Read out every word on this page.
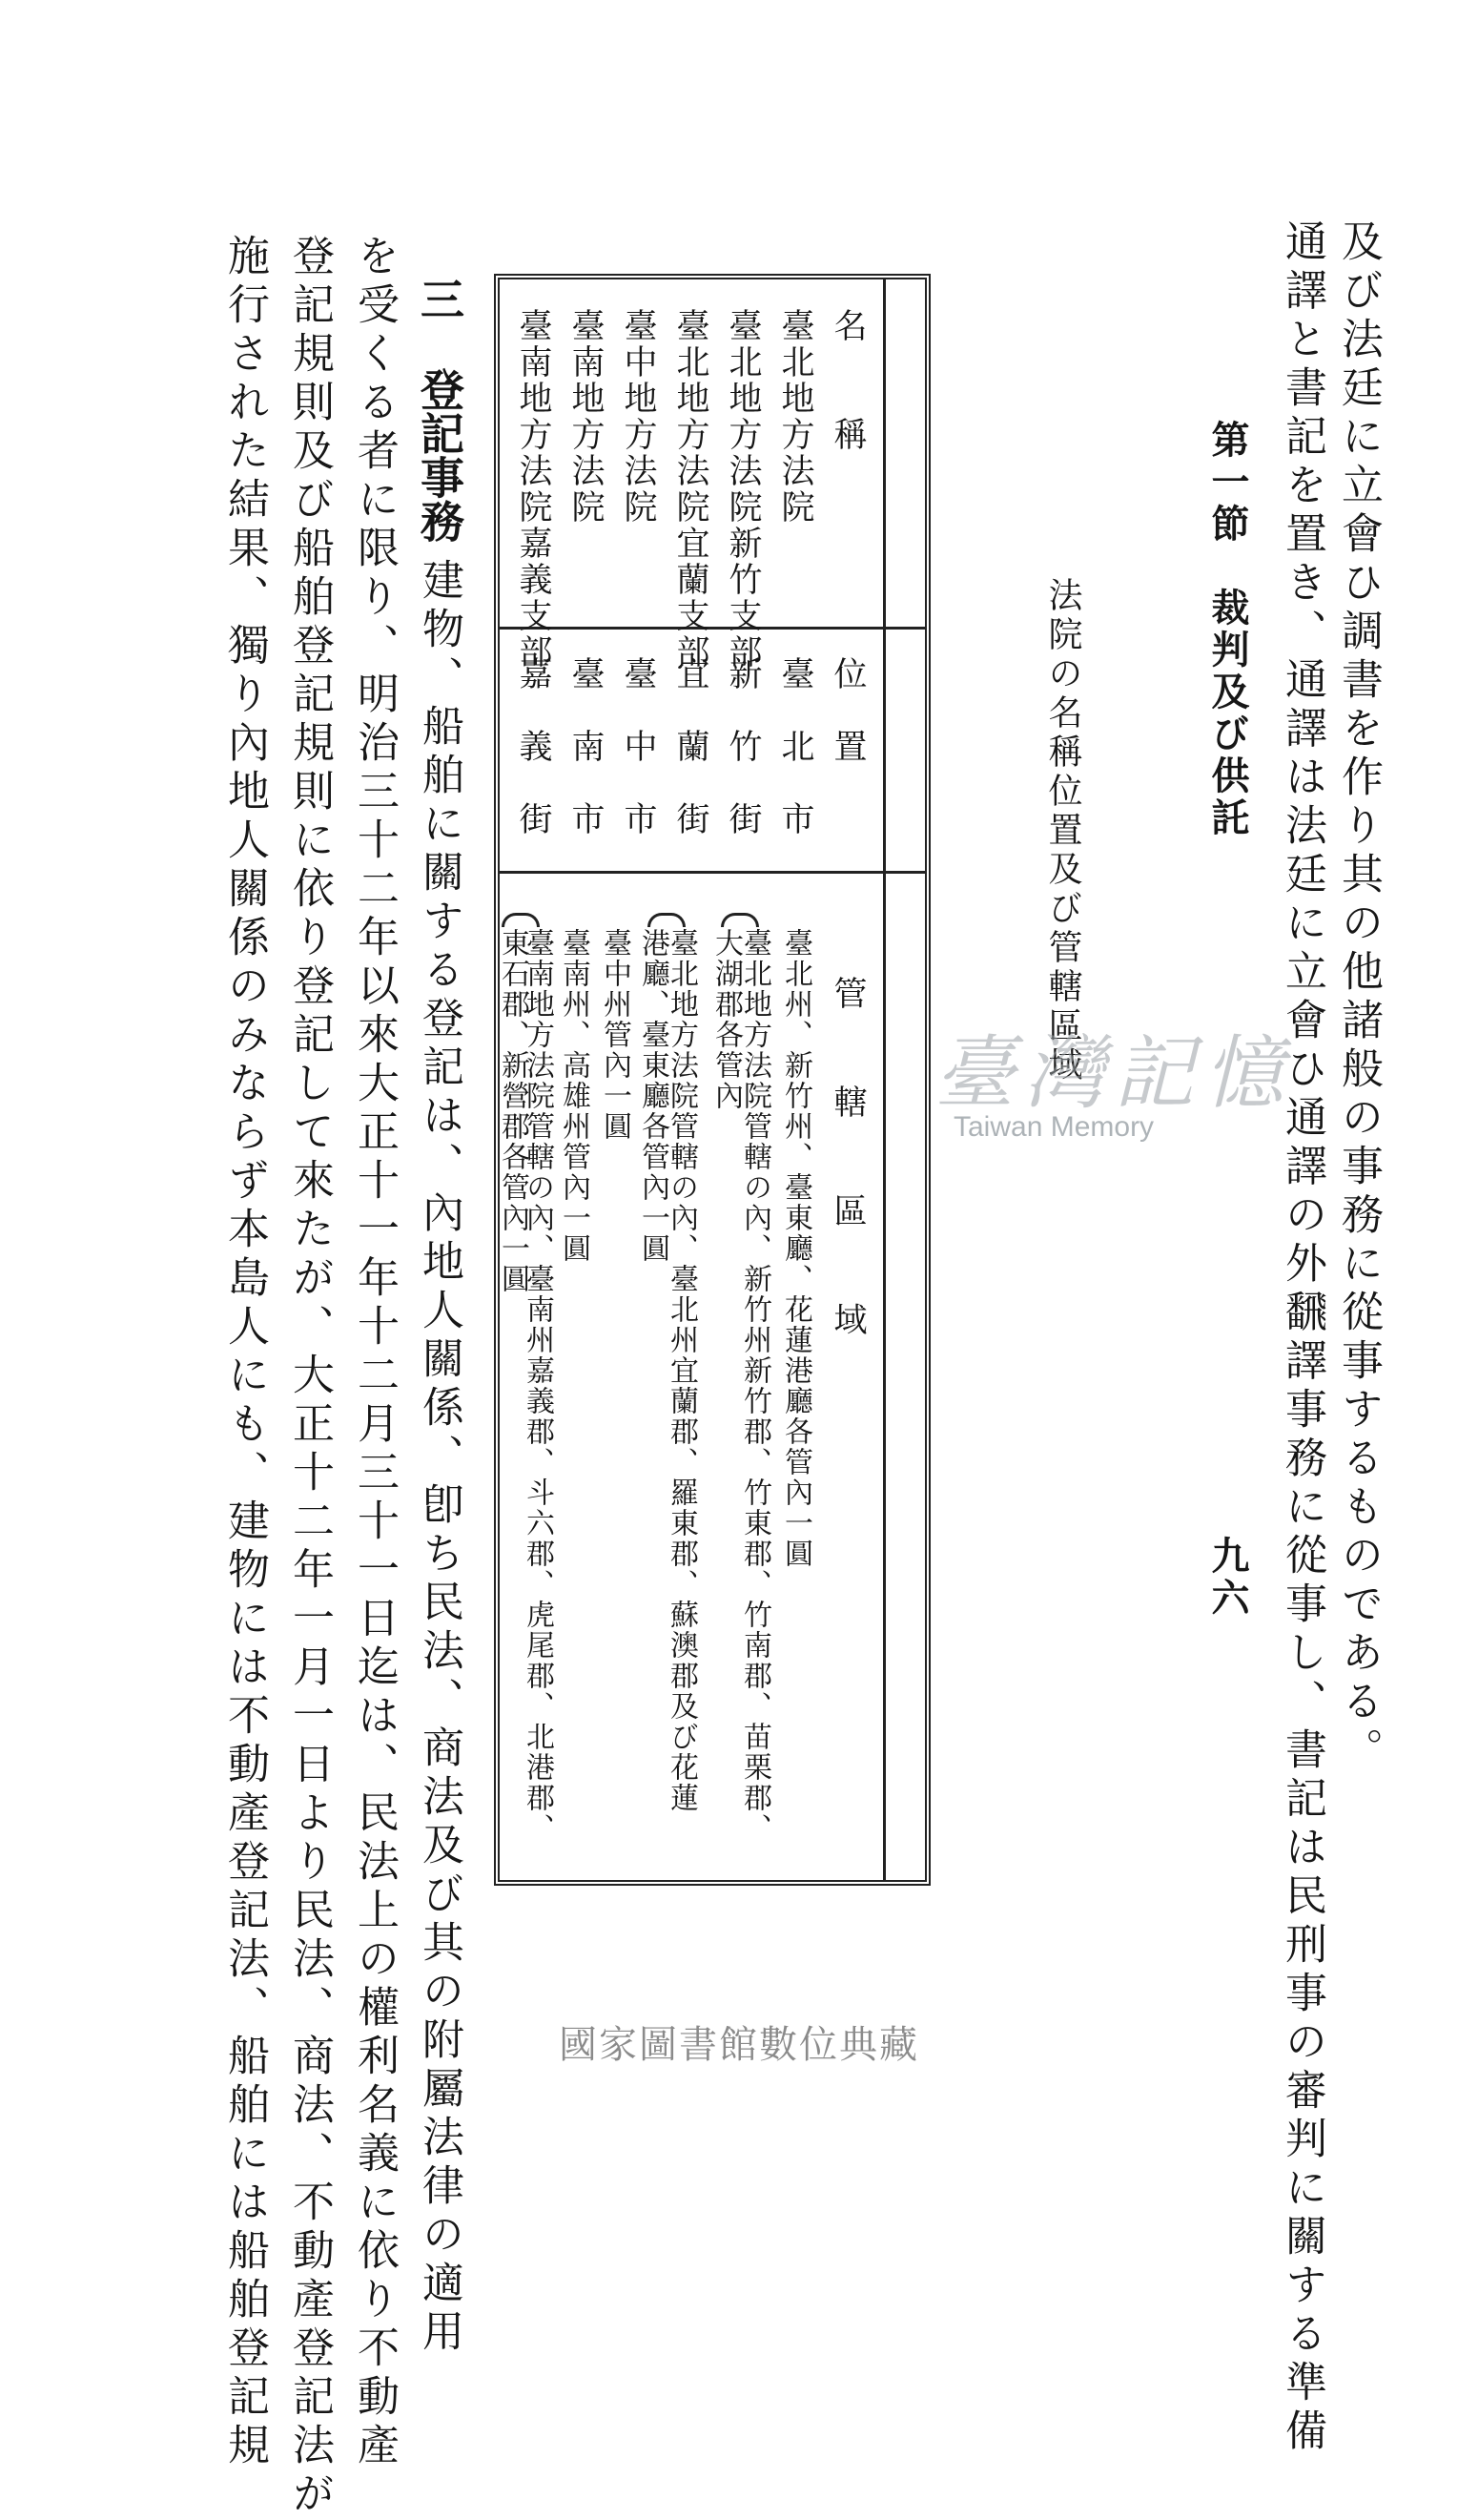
第一節　裁判及び供託
九六 通譯と書記を置き、通譯は法廷に立會ひ通譯の外飜譯事務に從事し、書記は民刑事の審判に關する準備 及び法廷に立會ひ調書を作り其の他諸般の事務に從事するものである。
法院の名稱位置及び管轄區域
名　　稱
位　置
管　　轄　　區　　域
臺北地方法院
臺　北　市
臺北州、新竹州、臺東廳、花蓮港廳各管內一圓
臺北地方法院新竹支部
新　竹　街
臺北地方法院管轄の內、新竹州新竹郡、竹東郡、竹南郡、苗栗郡、
大湖郡各管內
臺北地方法院宜蘭支部
宜　蘭　街
臺北地方法院管轄の內、臺北州宜蘭郡、羅東郡、蘇澳郡及び花蓮
港廳、臺東廳各管內一圓
臺中地方法院
臺　中　市
臺中州管內一圓
臺南地方法院
臺　南　市
臺南州、高雄州管內一圓
臺南地方法院嘉義支部
嘉　義　街
臺南地方法院管轄の內、臺南州嘉義郡、斗六郡、虎尾郡、北港郡、
東石郡、新營郡各管內一圓
三
登記事務
建物、船舶に關する登記は、內地人關係、卽ち民法、商法及び其の附屬法律の適用
を受くる者に限り、明治三十二年以來大正十一年十二月三十一日迄は、民法上の權利名義に依り不動產
登記規則及び船舶登記規則に依り登記して來たが、大正十二年一月一日より民法、商法、不動產登記法が
施行された結果、獨り內地人關係のみならず本島人にも、建物には不動產登記法、船舶には船舶登記規	臺灣記憶
Taiwan Memory
國家圖書館數位典藏
